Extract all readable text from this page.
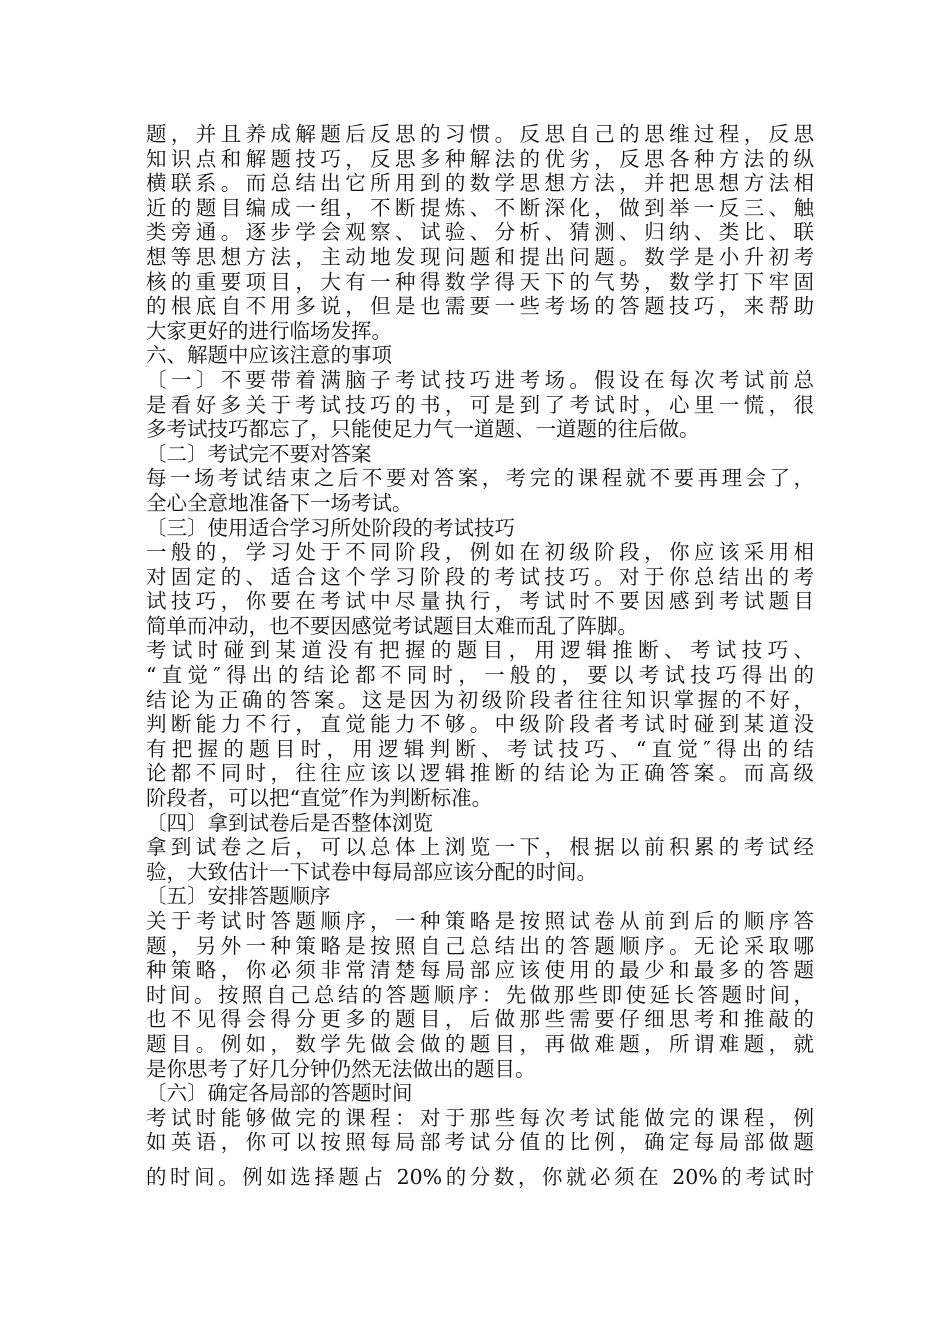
题，并且养成解题后反思的习惯。反思自己的思维过程，反思
知识点和解题技巧，反思多种解法的优劣，反思各种方法的纵
横联系。而总结出它所用到的数学思想方法，并把思想方法相
近的题目编成一组，不断提炼、不断深化，做到举一反三、触
类旁通。逐步学会观察、试验、分析、猜测、归纳、类比、联
想等思想方法，主动地发现问题和提出问题。数学是小升初考
核的重要项目，大有一种得数学得天下的气势，数学打下牢固
的根底自不用多说，但是也需要一些考场的答题技巧，来帮助
大家更好的进行临场发挥。
六、解题中应该注意的事项
〔一〕不要带着满脑子考试技巧进考场。假设在每次考试前总
是看好多关于考试技巧的书，可是到了考试时，心里一慌，很
多考试技巧都忘了，只能使足力气一道题、一道题的往后做。
〔二〕考试完不要对答案
每一场考试结束之后不要对答案，考完的课程就不要再理会了，
全心全意地准备下一场考试。
〔三〕使用适合学习所处阶段的考试技巧
一般的，学习处于不同阶段，例如在初级阶段，你应该采用相
对固定的、适合这个学习阶段的考试技巧。对于你总结出的考
试技巧，你要在考试中尽量执行，考试时不要因感到考试题目
简单而冲动，也不要因感觉考试题目太难而乱了阵脚。
考试时碰到某道没有把握的题目，用逻辑推断、考试技巧、
“直觉″得出的结论都不同时，一般的，要以考试技巧得出的
结论为正确的答案。这是因为初级阶段者往往知识掌握的不好，
判断能力不行，直觉能力不够。中级阶段者考试时碰到某道没
有把握的题目时，用逻辑判断、考试技巧、“直觉″得出的结
论都不同时，往往应该以逻辑推断的结论为正确答案。而高级
阶段者，可以把“直觉″作为判断标准。
〔四〕拿到试卷后是否整体浏览
拿到试卷之后，可以总体上浏览一下，根据以前积累的考试经
验，大致估计一下试卷中每局部应该分配的时间。
〔五〕安排答题顺序
关于考试时答题顺序，一种策略是按照试卷从前到后的顺序答
题，另外一种策略是按照自己总结出的答题顺序。无论采取哪
种策略，你必须非常清楚每局部应该使用的最少和最多的答题
时间。按照自己总结的答题顺序：先做那些即使延长答题时间，
也不见得会得分更多的题目，后做那些需要仔细思考和推敲的
题目。例如，数学先做会做的题目，再做难题，所谓难题，就
是你思考了好几分钟仍然无法做出的题目。
〔六〕确定各局部的答题时间
考试时能够做完的课程：对于那些每次考试能做完的课程，例
如英语，你可以按照每局部考试分值的比例，确定每局部做题
的时间。例如选择题占 20%的分数，你就必须在 20%的考试时
